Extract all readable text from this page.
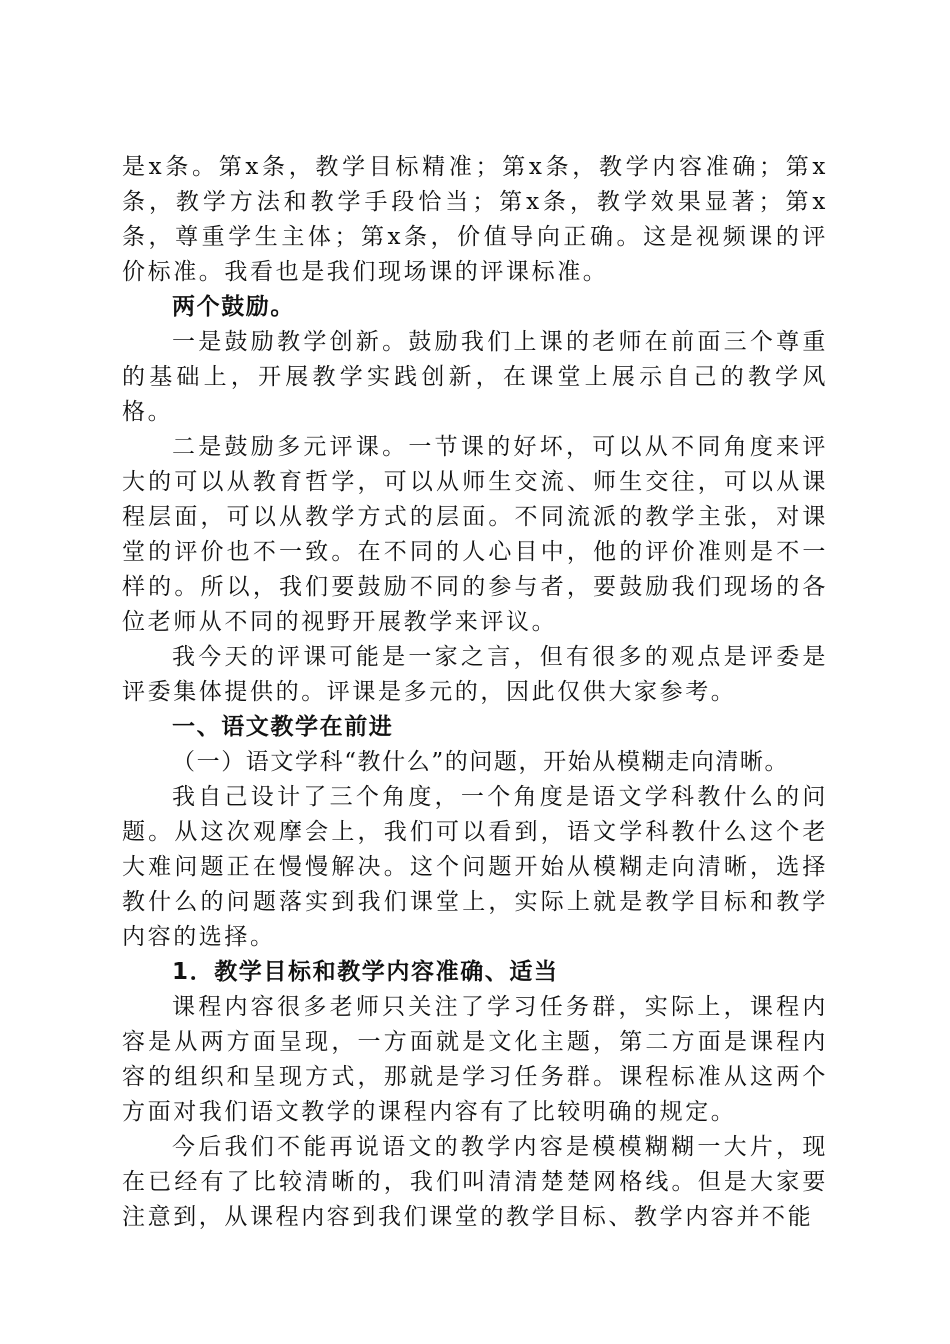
是x条。第x条，教学目标精准；第x条，教学内容准确；第x条，教学方法和教学手段恰当；第x条，教学效果显著；第x条，尊重学生主体；第x条，价值导向正确。这是视频课的评价标准。我看也是我们现场课的评课标准。

两个鼓励。

一是鼓励教学创新。鼓励我们上课的老师在前面三个尊重的基础上，开展教学实践创新，在课堂上展示自己的教学风格。

二是鼓励多元评课。一节课的好坏，可以从不同角度来评大的可以从教育哲学，可以从师生交流、师生交往，可以从课程层面，可以从教学方式的层面。不同流派的教学主张，对课堂的评价也不一致。在不同的人心目中，他的评价准则是不一样的。所以，我们要鼓励不同的参与者，要鼓励我们现场的各位老师从不同的视野开展教学来评议。

我今天的评课可能是一家之言，但有很多的观点是评委是评委集体提供的。评课是多元的，因此仅供大家参考。

一、语文教学在前进

（一）语文学科“教什么”的问题，开始从模糊走向清晰。

我自己设计了三个角度，一个角度是语文学科教什么的问题。从这次观摩会上，我们可以看到，语文学科教什么这个老大难问题正在慢慢解决。这个问题开始从模糊走向清晰，选择教什么的问题落实到我们课堂上，实际上就是教学目标和教学内容的选择。

1．教学目标和教学内容准确、适当

课程内容很多老师只关注了学习任务群，实际上，课程内容是从两方面呈现，一方面就是文化主题，第二方面是课程内容的组织和呈现方式，那就是学习任务群。课程标准从这两个方面对我们语文教学的课程内容有了比较明确的规定。

今后我们不能再说语文的教学内容是模模糊糊一大片，现在已经有了比较清晰的，我们叫清清楚楚网格线。但是大家要注意到，从课程内容到我们课堂的教学目标、教学内容并不能
